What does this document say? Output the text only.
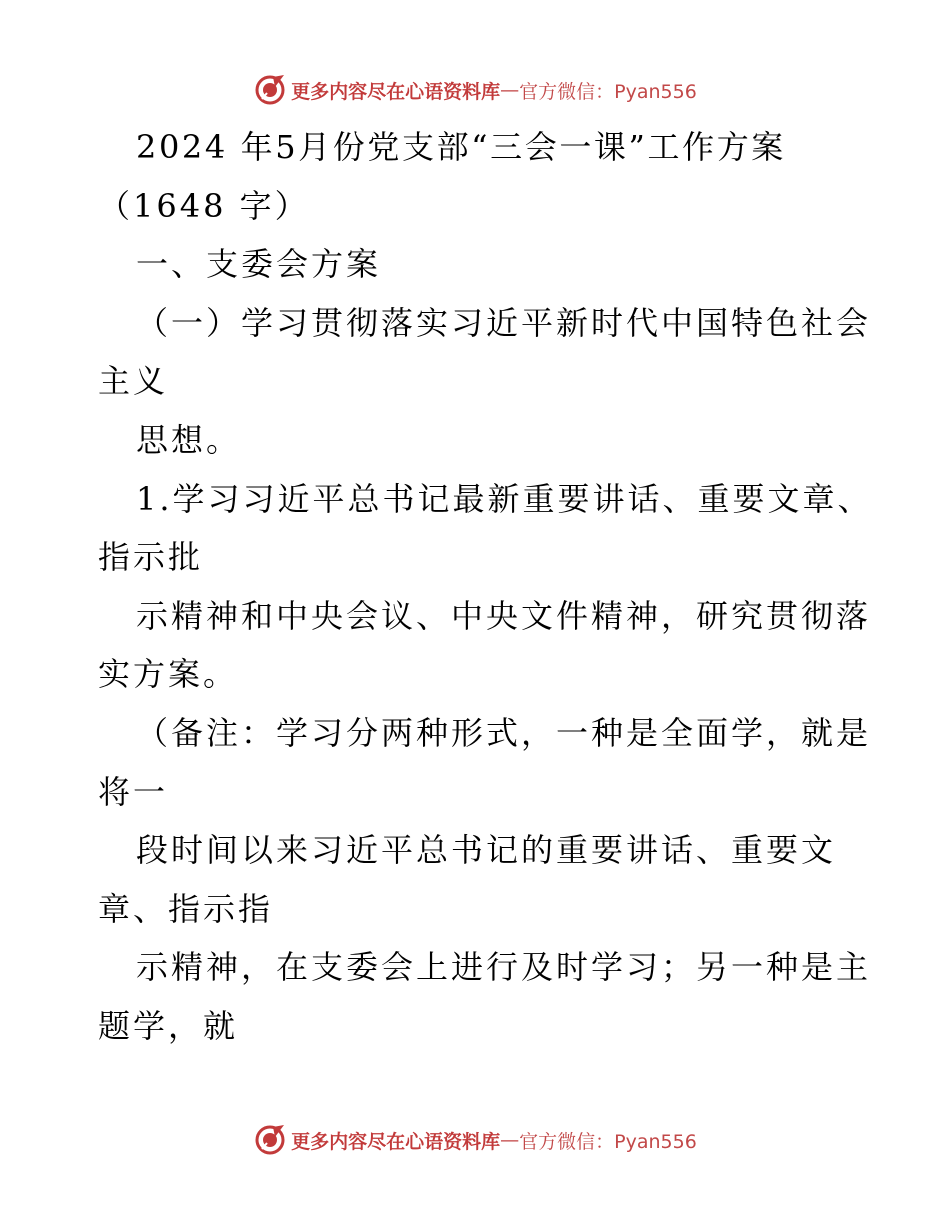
更多内容尽在心语资料库 — 官方微信：Pyan556
2024 年5月份党支部“三会一课”工作方案
（1648 字）
一、支委会方案
（一）学习贯彻落实习近平新时代中国特色社会
主义
思想。
1.学习习近平总书记最新重要讲话、重要文章、
指示批
示精神和中央会议、中央文件精神，研究贯彻落
实方案。
（备注：学习分两种形式，一种是全面学，就是
将一
段时间以来习近平总书记的重要讲话、重要文
章、指示指
示精神，在支委会上进行及时学习；另一种是主
题学，就
更多内容尽在心语资料库 — 官方微信：Pyan556
